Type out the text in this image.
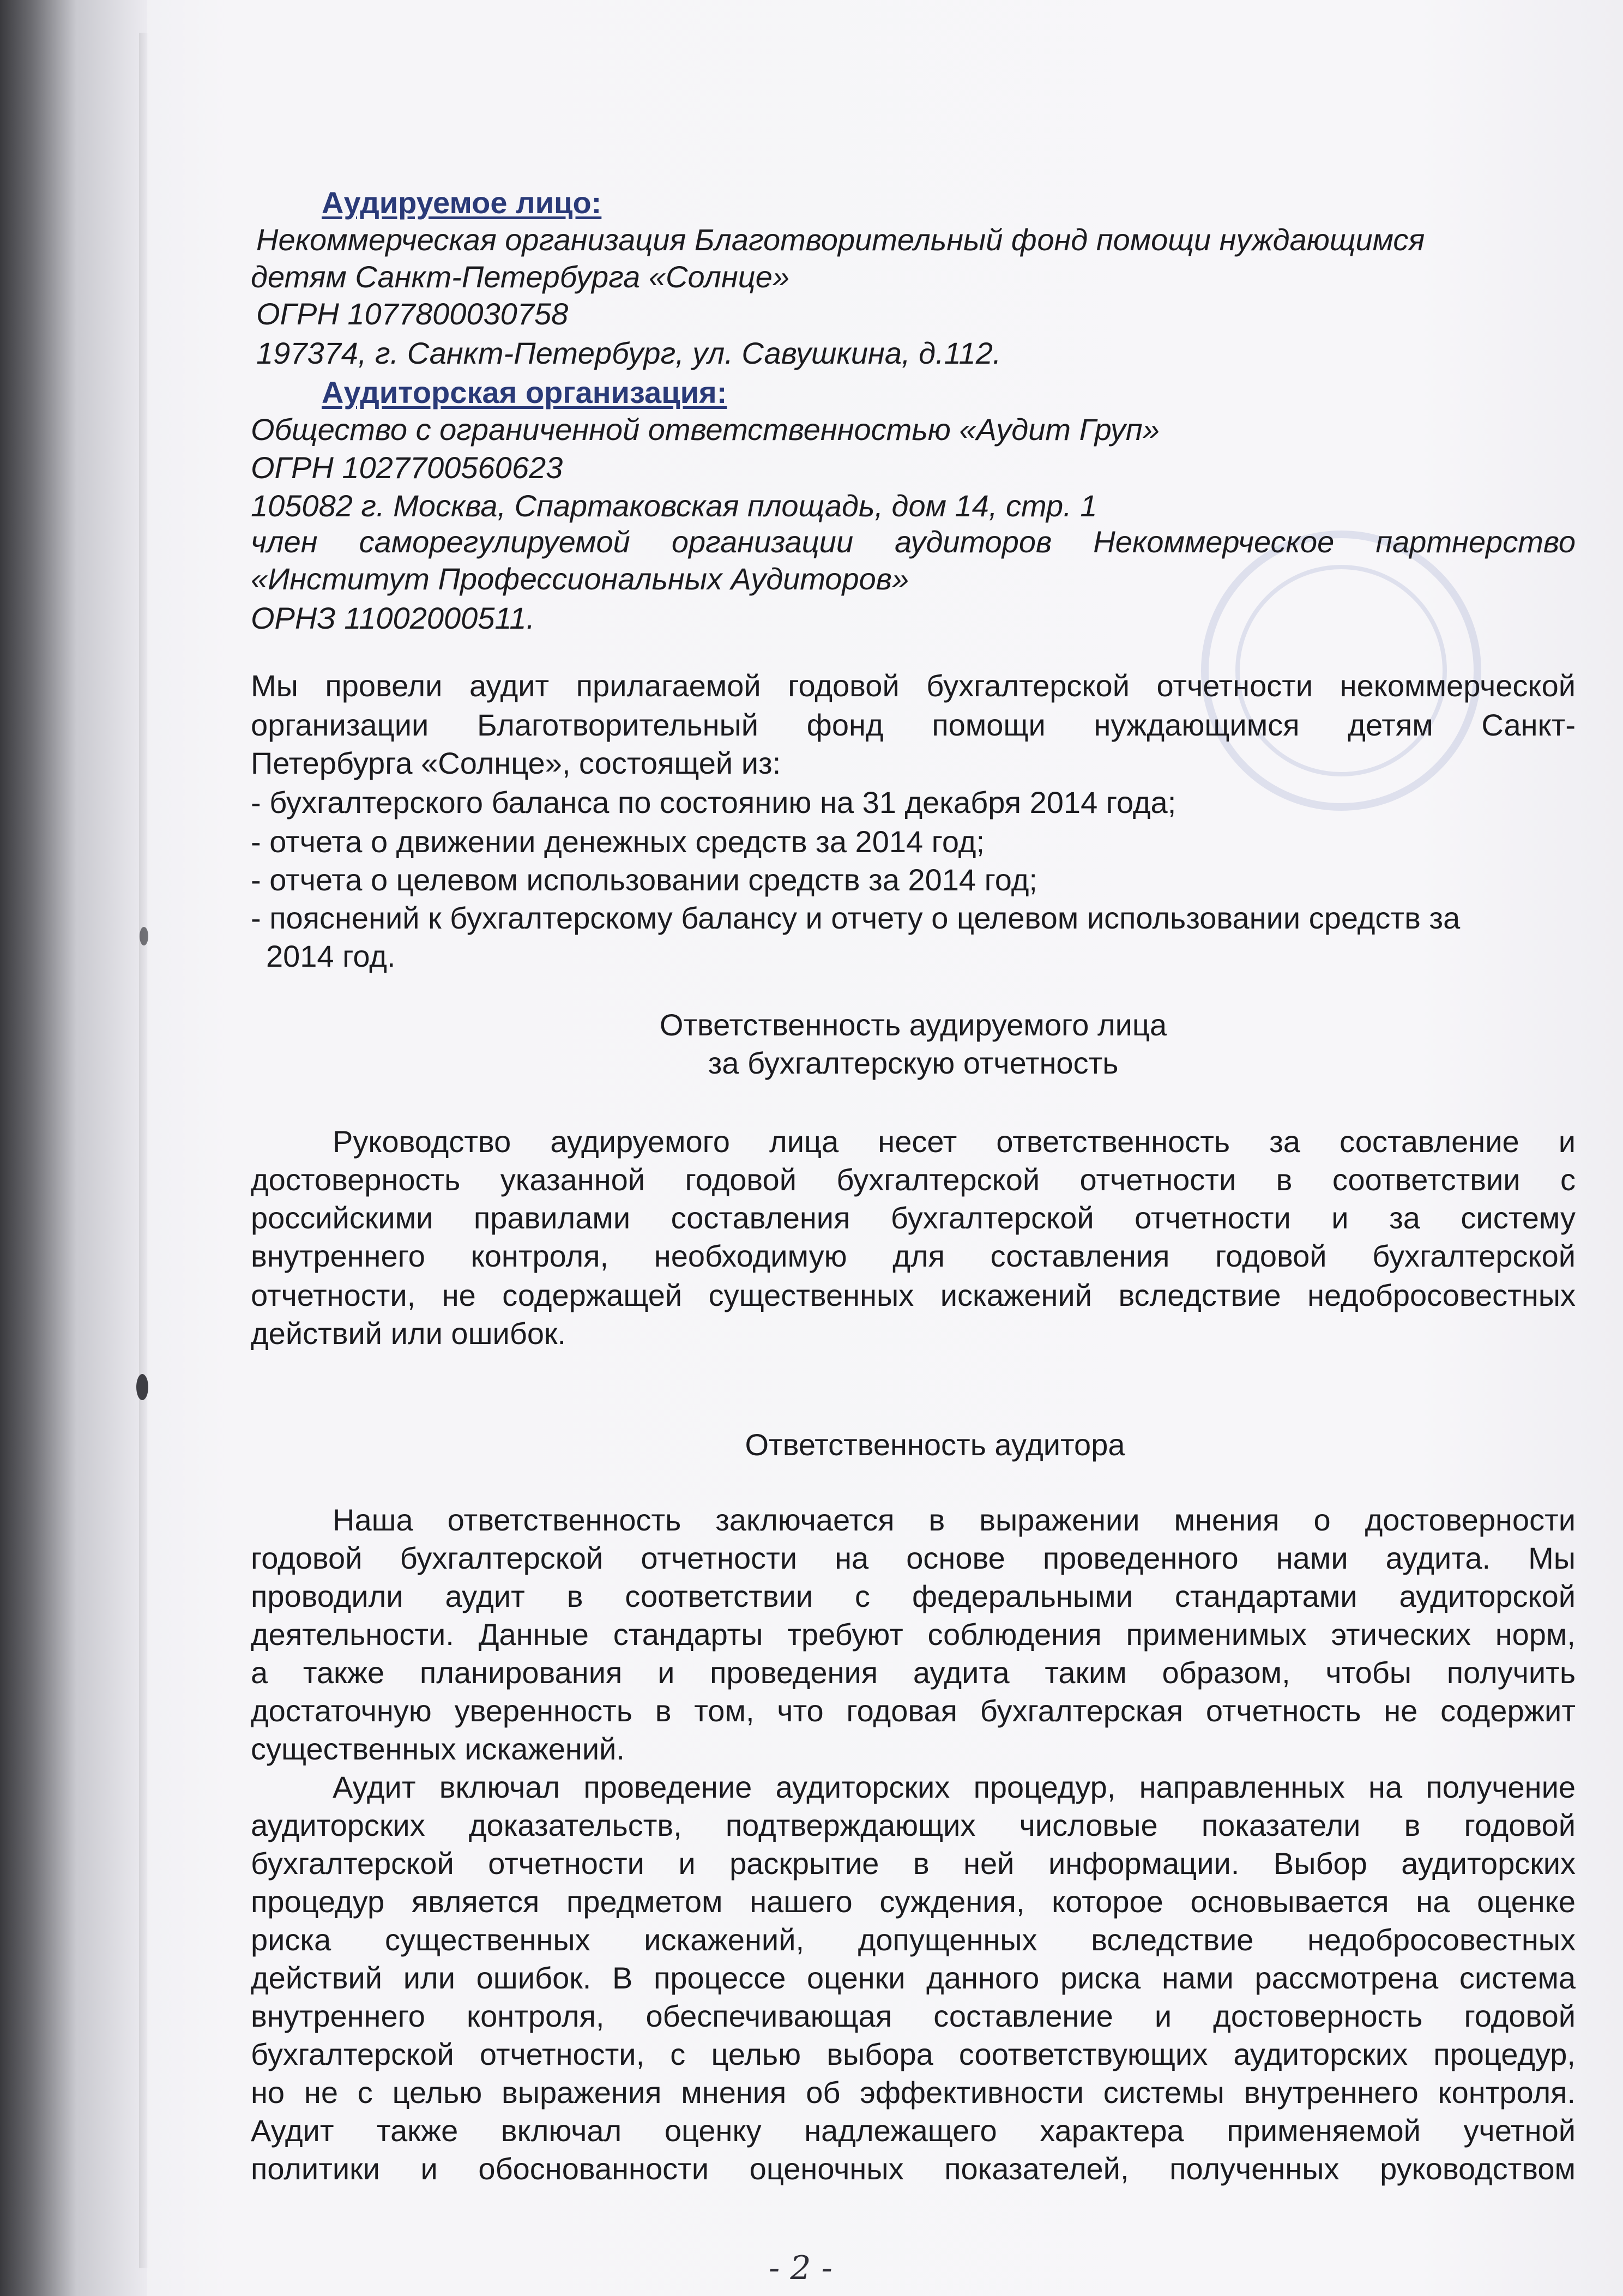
Аудируемое лицо:
Некоммерческая организация Благотворительный фонд помощи нуждающимся
детям Санкт-Петербурга «Солнце»
ОГРН 1077800030758
197374, г. Санкт-Петербург, ул. Савушкина, д.112.
Аудиторская организация:
Общество с ограниченной ответственностью «Аудит Груп»
ОГРН 1027700560623
105082 г. Москва, Спартаковская площадь, дом 14, стр. 1
член саморегулируемой организации аудиторов Некоммерческое партнерство
«Институт Профессиональных Аудиторов»
ОРНЗ 11002000511.
Мы провели аудит прилагаемой годовой бухгалтерской отчетности некоммерческой
организации Благотворительный фонд помощи нуждающимся детям Санкт-
Петербурга «Солнце», состоящей из:
- бухгалтерского баланса по состоянию на 31 декабря 2014 года;
- отчета о движении денежных средств за 2014 год;
- отчета о целевом использовании средств за 2014 год;
- пояснений к бухгалтерскому балансу и отчету о целевом использовании средств за
2014 год.
Ответственность аудируемого лица
за бухгалтерскую отчетность
Руководство аудируемого лица несет ответственность за составление и
достоверность указанной годовой бухгалтерской отчетности в соответствии с
российскими правилами составления бухгалтерской отчетности и за систему
внутреннего контроля, необходимую для составления годовой бухгалтерской
отчетности, не содержащей существенных искажений вследствие недобросовестных
действий или ошибок.
Ответственность аудитора
Наша ответственность заключается в выражении мнения о достоверности
годовой бухгалтерской отчетности на основе проведенного нами аудита. Мы
проводили аудит в соответствии с федеральными стандартами аудиторской
деятельности. Данные стандарты требуют соблюдения применимых этических норм,
а также планирования и проведения аудита таким образом, чтобы получить
достаточную уверенность в том, что годовая бухгалтерская отчетность не содержит
существенных искажений.
Аудит включал проведение аудиторских процедур, направленных на получение
аудиторских доказательств, подтверждающих числовые показатели в годовой
бухгалтерской отчетности и раскрытие в ней информации. Выбор аудиторских
процедур является предметом нашего суждения, которое основывается на оценке
риска существенных искажений, допущенных вследствие недобросовестных
действий или ошибок. В процессе оценки данного риска нами рассмотрена система
внутреннего контроля, обеспечивающая составление и достоверность годовой
бухгалтерской отчетности, с целью выбора соответствующих аудиторских процедур,
но не с целью выражения мнения об эффективности системы внутреннего контроля.
Аудит также включал оценку надлежащего характера применяемой учетной
политики и обоснованности оценочных показателей, полученных руководством
- 2 -
